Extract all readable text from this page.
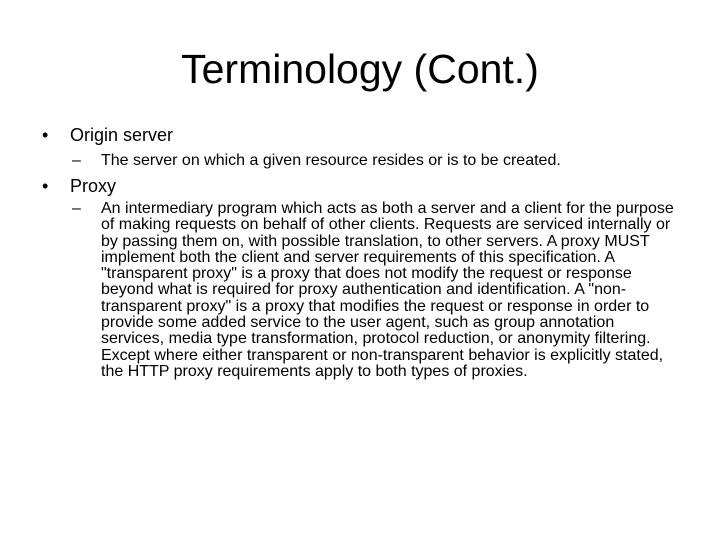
Terminology (Cont.)
• Origin server
– The server on which a given resource resides or is to be created.
• Proxy
– An intermediary program which acts as both a server and a client for the purpose of making requests on behalf of other clients. Requests are serviced internally or by passing them on, with possible translation, to other servers. A proxy MUST implement both the client and server requirements of this specification. A "transparent proxy" is a proxy that does not modify the request or response beyond what is required for proxy authentication and identification. A "non-transparent proxy" is a proxy that modifies the request or response in order to provide some added service to the user agent, such as group annotation services, media type transformation, protocol reduction, or anonymity filtering. Except where either transparent or non-transparent behavior is explicitly stated, the HTTP proxy requirements apply to both types of proxies.
